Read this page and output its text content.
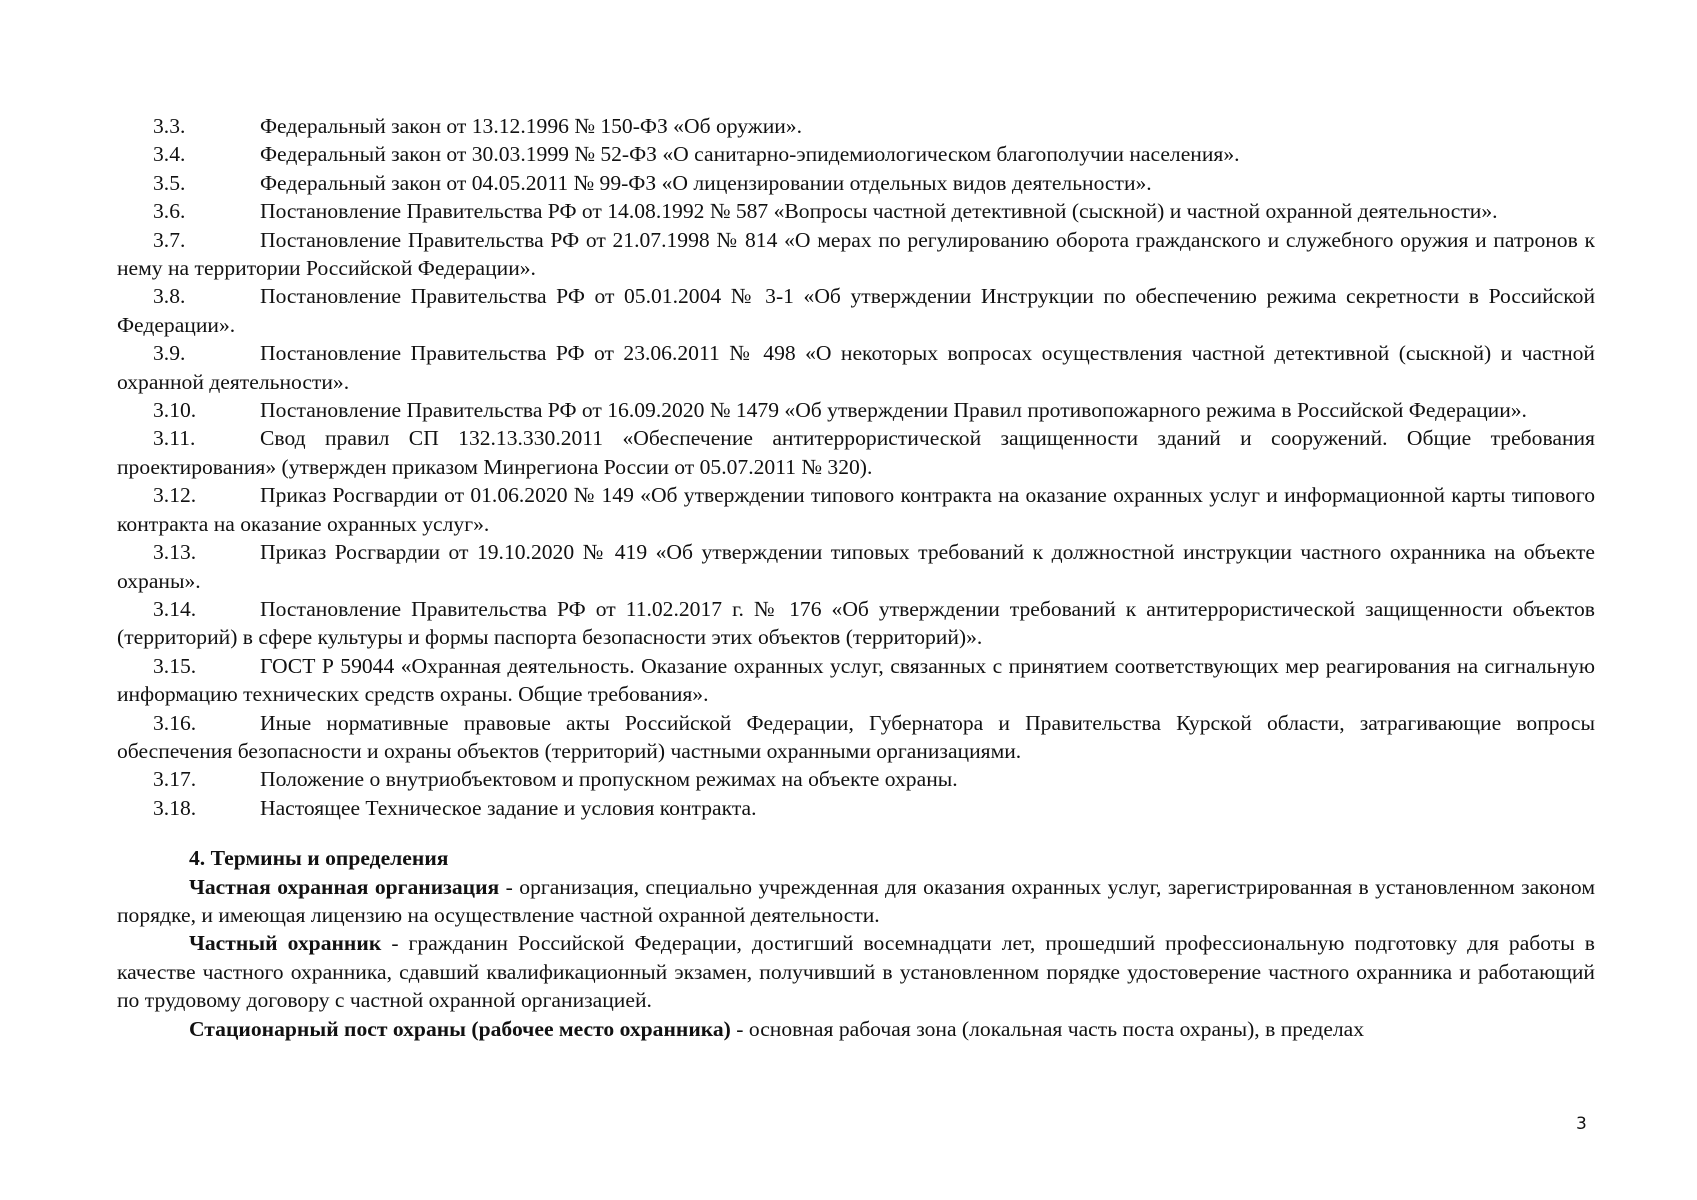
3.3.	Федеральный закон от 13.12.1996 № 150-ФЗ «Об оружии».

3.4.	Федеральный закон от 30.03.1999 № 52-ФЗ «О санитарно-эпидемиологическом благополучии населения».

3.5.	Федеральный закон от 04.05.2011 № 99-ФЗ «О лицензировании отдельных видов деятельности».

3.6.	Постановление Правительства РФ от 14.08.1992 № 587 «Вопросы частной детективной (сыскной) и частной охранной деятельности».

3.7.	Постановление Правительства РФ от 21.07.1998 № 814 «О мерах по регулированию оборота гражданского и служебного оружия и патронов к нему на территории Российской Федерации».

3.8.	Постановление Правительства РФ от 05.01.2004 № 3-1 «Об утверждении Инструкции по обеспечению режима секретности в Российской Федерации».

3.9.	Постановление Правительства РФ от 23.06.2011 № 498 «О некоторых вопросах осуществления частной детективной (сыскной) и частной охранной деятельности».

3.10.	Постановление Правительства РФ от 16.09.2020 № 1479 «Об утверждении Правил противопожарного режима в Российской Федерации».

3.11.	Свод правил СП 132.13.330.2011 «Обеспечение антитеррористической защищенности зданий и сооружений. Общие требования проектирования» (утвержден приказом Минрегиона России от 05.07.2011 № 320).

3.12.	Приказ Росгвардии от 01.06.2020 № 149 «Об утверждении типового контракта на оказание охранных услуг и информационной карты типового контракта на оказание охранных услуг».

3.13.	Приказ Росгвардии от 19.10.2020 № 419 «Об утверждении типовых требований к должностной инструкции частного охранника на объекте охраны».

3.14.	Постановление Правительства РФ от 11.02.2017 г. № 176 «Об утверждении требований к антитеррористической защищенности объектов (территорий) в сфере культуры и формы паспорта безопасности этих объектов (территорий)».

3.15.	ГОСТ Р 59044 «Охранная деятельность. Оказание охранных услуг, связанных с принятием соответствующих мер реагирования на сигнальную информацию технических средств охраны. Общие требования».

3.16.	Иные нормативные правовые акты Российской Федерации, Губернатора и Правительства Курской области, затрагивающие вопросы обеспечения безопасности и охраны объектов (территорий) частными охранными организациями.

3.17.	Положение о внутриобъектовом и пропускном режимах на объекте охраны.

3.18.	Настоящее Техническое задание и условия контракта.

4. Термины и определения

Частная охранная организация - организация, специально учрежденная для оказания охранных услуг, зарегистрированная в установленном законом порядке, и имеющая лицензию на осуществление частной охранной деятельности.

Частный охранник - гражданин Российской Федерации, достигший восемнадцати лет, прошедший профессиональную подготовку для работы в качестве частного охранника, сдавший квалификационный экзамен, получивший в установленном порядке удостоверение частного охранника и работающий по трудовому договору с частной охранной организацией.

Стационарный пост охраны (рабочее место охранника) - основная рабочая зона (локальная часть поста охраны), в пределах

3
